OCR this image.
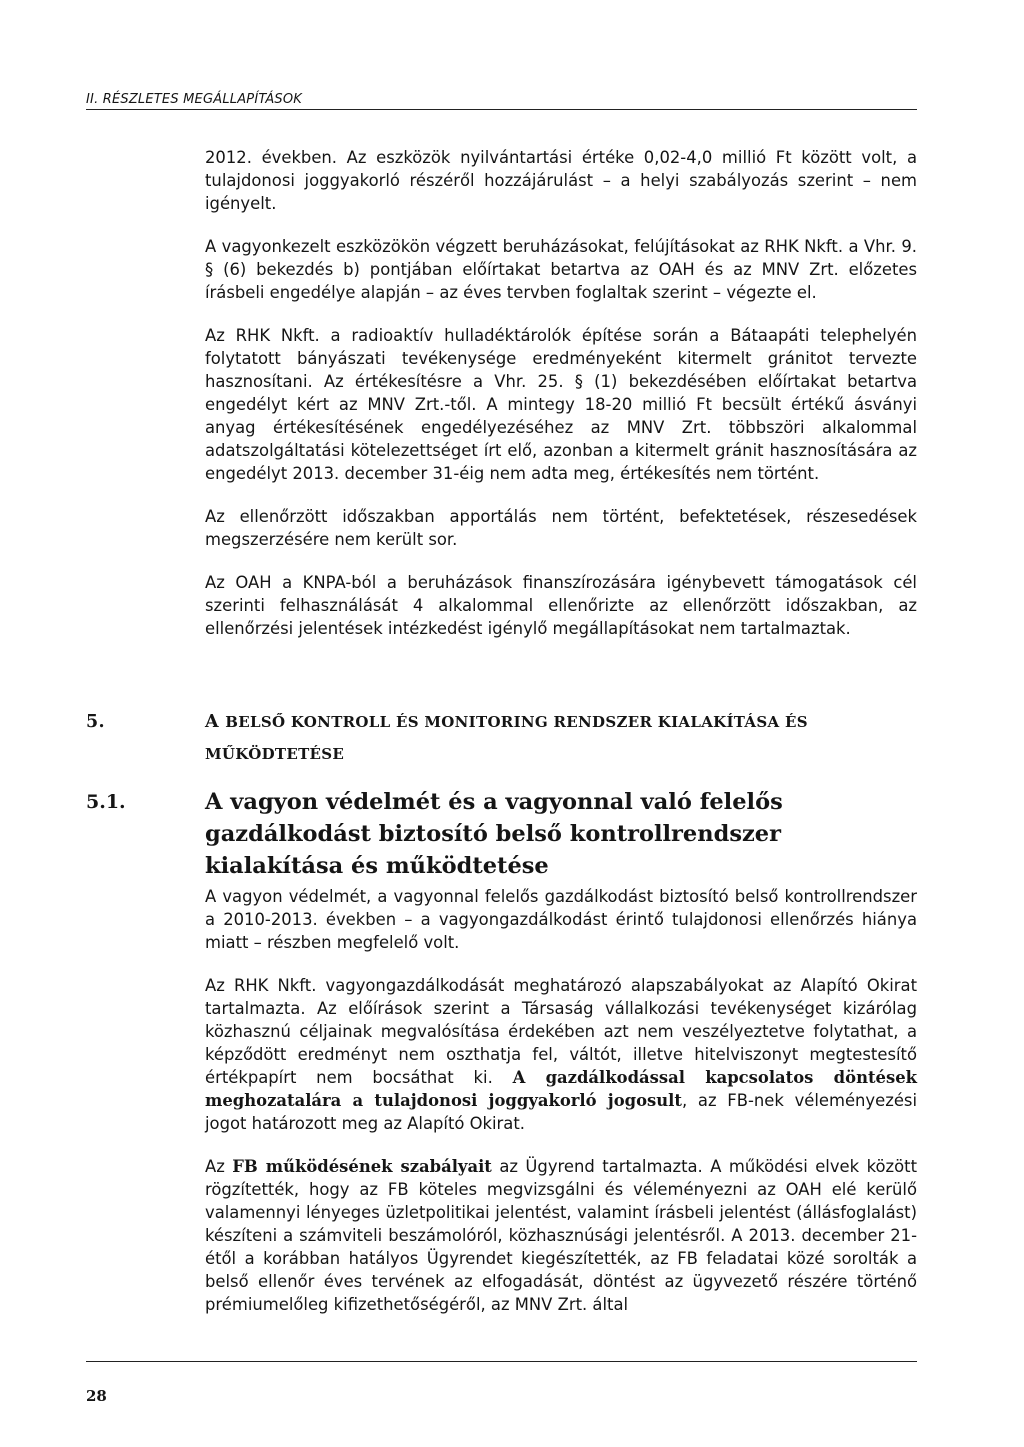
II. RÉSZLETES MEGÁLLAPÍTÁSOK

2012. években. Az eszközök nyilvántartási értéke 0,02-4,0 millió Ft között volt, a tulajdonosi joggyakorló részéről hozzájárulást – a helyi szabályozás szerint – nem igényelt.

A vagyonkezelt eszközökön végzett beruházásokat, felújításokat az RHK Nkft. a Vhr. 9. § (6) bekezdés b) pontjában előírtakat betartva az OAH és az MNV Zrt. előzetes írásbeli engedélye alapján – az éves tervben foglaltak szerint – végezte el.

Az RHK Nkft. a radioaktív hulladéktárolók építése során a Bátaapáti telephelyén folytatott bányászati tevékenysége eredményeként kitermelt gránitot tervezte hasznosítani. Az értékesítésre a Vhr. 25. § (1) bekezdésében előírtakat betartva engedélyt kért az MNV Zrt.-től. A mintegy 18-20 millió Ft becsült értékű ásványi anyag értékesítésének engedélyezéséhez az MNV Zrt. többszöri alkalommal adatszolgáltatási kötelezettséget írt elő, azonban a kitermelt gránit hasznosítására az engedélyt 2013. december 31-éig nem adta meg, értékesítés nem történt.

Az ellenőrzött időszakban apportálás nem történt, befektetések, részesedések megszerzésére nem került sor.

Az OAH a KNPA-ból a beruházások finanszírozására igénybevett támogatások cél szerinti felhasználását 4 alkalommal ellenőrizte az ellenőrzött időszakban, az ellenőrzési jelentések intézkedést igénylő megállapításokat nem tartalmaztak.

5.	A BELSŐ KONTROLL ÉS MONITORING RENDSZER KIALAKÍTÁSA ÉS MŰKÖDTETÉSE
5.1.	A vagyon védelmét és a vagyonnal való felelős gazdálkodást biztosító belső kontrollrendszer kialakítása és működtetése

A vagyon védelmét, a vagyonnal felelős gazdálkodást biztosító belső kontrollrendszer a 2010-2013. években – a vagyongazdálkodást érintő tulajdonosi ellenőrzés hiánya miatt – részben megfelelő volt.

Az RHK Nkft. vagyongazdálkodását meghatározó alapszabályokat az Alapító Okirat tartalmazta. Az előírások szerint a Társaság vállalkozási tevékenységet kizárólag közhasznú céljainak megvalósítása érdekében azt nem veszélyeztetve folytathat, a képződött eredményt nem oszthatja fel, váltót, illetve hitelviszonyt megtestesítő értékpapírt nem bocsáthat ki. A gazdálkodással kapcsolatos döntések meghozatalára a tulajdonosi joggyakorló jogosult, az FB-nek véleményezési jogot határozott meg az Alapító Okirat.

Az FB működésének szabályait az Ügyrend tartalmazta. A működési elvek között rögzítették, hogy az FB köteles megvizsgálni és véleményezni az OAH elé kerülő valamennyi lényeges üzletpolitikai jelentést, valamint írásbeli jelentést (állásfoglalást) készíteni a számviteli beszámolóról, közhasznúsági jelentésről. A 2013. december 21-étől a korábban hatályos Ügyrendet kiegészítették, az FB feladatai közé sorolták a belső ellenőr éves tervének az elfogadását, döntést az ügyvezető részére történő prémiumelőleg kifizethetőségéről, az MNV Zrt. által

28
